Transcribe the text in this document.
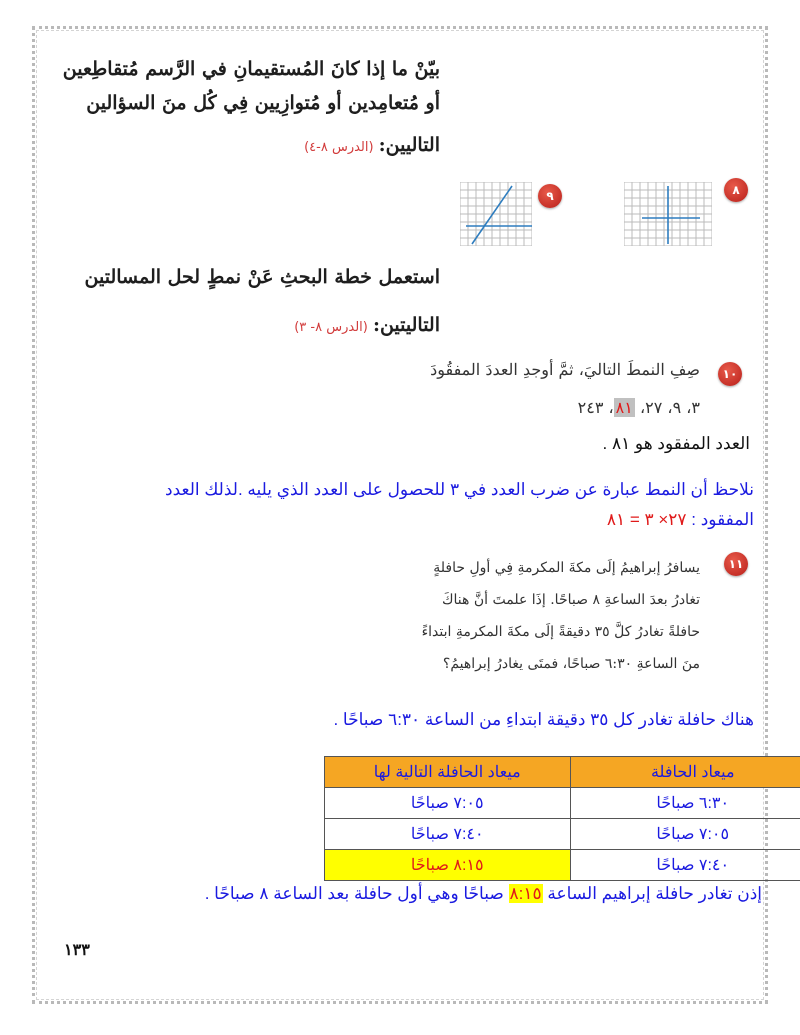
بيّنْ ما إذا كانَ المُستقيمانِ في الرَّسم مُتقاطِعين
أو مُتعامِدين أو مُتوازِيين فِي كُل منَ السؤالين
التاليين: (الدرس ٨-٤)
٨
٩
استعمل خطة البحثِ عَنْ نمطٍ لحل المسالتين
التاليتين: (الدرس ٨- ٣)
١٠
صِفِ النمطَ التاليَ، ثمَّ أوجدِ العددَ المفقُودَ
٣، ٩، ٢٧، ٨١، ٢٤٣
العدد المفقود هو ٨١ .
نلاحظ أن النمط عبارة عن ضرب العدد في ٣ للحصول على العدد الذي يليه .لذلك العدد
المفقود : ٢٧× ٣ = ٨١
١١
يسافرُ إبراهيمُ إلَى مكةَ المكرمةِ فِي أولِ حافلةٍ
تغادرُ بعدَ الساعةِ ٨ صباحًا. إذَا علمتَ أنَّ هناكَ
حافلةً تغادرُ كلَّ ٣٥ دقيقةً إلَى مكةَ المكرمةِ ابتداءً
منَ الساعةِ ٦:٣٠ صباحًا، فمتَى يغادرُ إبراهيمُ؟
هناك حافلة تغادر كل ٣٥ دقيقة ابتداءِ من الساعة ٦:٣٠ صباحًا .
ميعاد الحافلة	ميعاد الحافلة التالية لها
٦:٣٠ صباحًا	٧:٠٥ صباحًا
٧:٠٥ صباحًا	٧:٤٠ صباحًا
٧:٤٠ صباحًا	٨:١٥ صباحًا
إذن تغادر حافلة إبراهيم الساعة ٨:١٥ صباحًا وهي أول حافلة بعد الساعة ٨ صباحًا .
١٣٣
